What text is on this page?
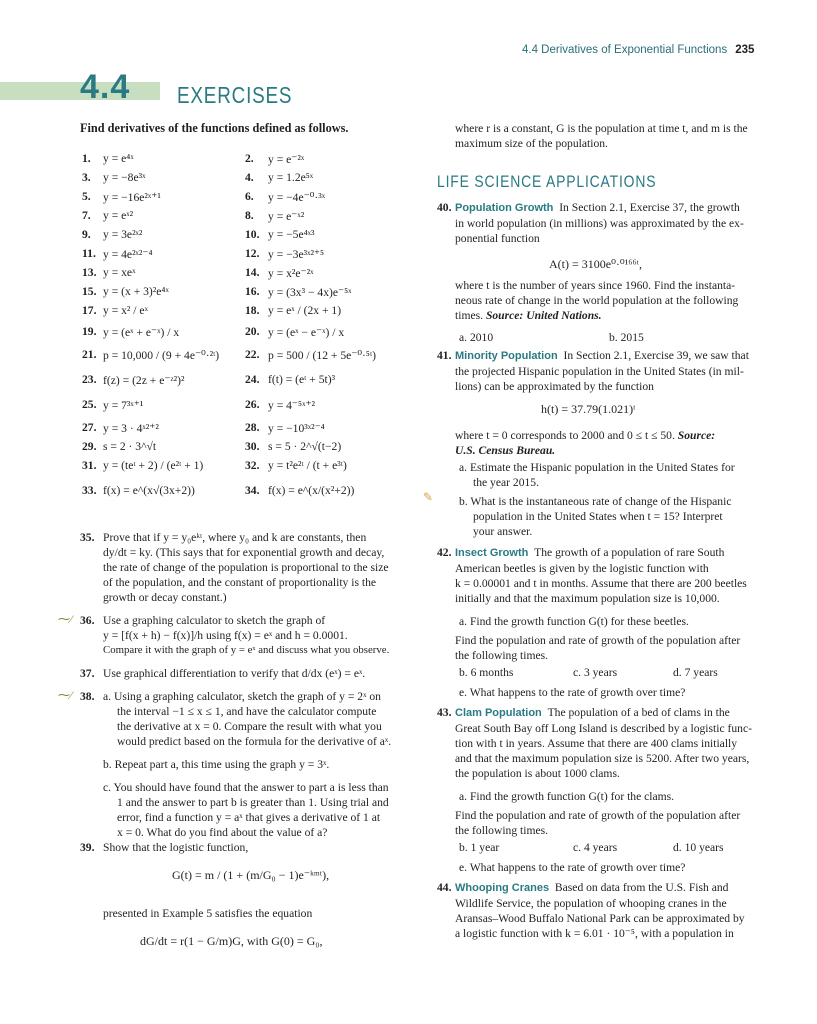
4.4 Derivatives of Exponential Functions 235
4.4 EXERCISES
Find derivatives of the functions defined as follows.
1. y = e⁴ˣ	2. y = e⁻²ˣ
3. y = −8e³ˣ	4. y = 1.2e⁵ˣ
5. y = −16e²ˣ⁺¹	6. y = −4e⁻⁰·³ˣ
7. y = eˣ²	8. y = e⁻ˣ²
9. y = 3e²ˣ²	10. y = −5e⁴ˣ³
11. y = 4e²ˣ²⁻⁴	12. y = −3e³ˣ²⁺⁵
13. y = xeˣ	14. y = x²e⁻²ˣ
15. y = (x + 3)²e⁴ˣ	16. y = (3x³ − 4x)e⁻⁵ˣ
17. y = x² / eˣ	18. y = eˣ / (2x + 1)
19. y = (eˣ + e⁻ˣ) / x	20. y = (eˣ − e⁻ˣ) / x
21. p = 10,000 / (9 + 4e⁻⁰·²ᵗ) 22. p = 500 / (12 + 5e⁻⁰·⁵ᵗ)
23. f(z) = (2z + e⁻ᶻ²)²	24. f(t) = (eᵗ + 5t)³
25. y = 7³ˣ⁺¹	26. y = 4⁻⁵ˣ⁺²
27. y = 3 · 4ˣ²⁺²	28. y = −10³ˣ²⁻⁴
29. s = 2 · 3^√t	30. s = 5 · 2^√(t−2)
31. y = (teᵗ + 2) / (e²ᵗ + 1)	32. y = t²e²ᵗ / (t + e³ᵗ)
33. f(x) = e^(x√(3x+2))	34. f(x) = e^(x/(x²+2))
35. Prove that if y = y₀eᵏᵗ, where y₀ and k are constants, then
dy/dt = ky. (This says that for exponential growth and decay,
the rate of change of the population is proportional to the size
of the population, and the constant of proportionality is the
growth or decay constant.)
⁓⁄ 36. Use a graphing calculator to sketch the graph of
y = [f(x + h) − f(x)]/h using f(x) = eˣ and h = 0.0001.
Compare it with the graph of y = eˣ and discuss what you observe.
37. Use graphical differentiation to verify that d/dx (eˣ) = eˣ.
⁓⁄ 38. a. Using a graphing calculator, sketch the graph of y = 2ˣ on
the interval −1 ≤ x ≤ 1, and have the calculator compute
the derivative at x = 0. Compare the result with what you
would predict based on the formula for the derivative of aˣ.
b. Repeat part a, this time using the graph y = 3ˣ.
c. You should have found that the answer to part a is less than
1 and the answer to part b is greater than 1. Using trial and
error, find a function y = aˣ that gives a derivative of 1 at
x = 0. What do you find about the value of a?
39. Show that the logistic function,
G(t) = m / (1 + (m/G₀ − 1)e⁻ᵏᵐᵗ),
presented in Example 5 satisfies the equation
dG/dt = r(1 − G/m)G, with G(0) = G₀,
where r is a constant, G is the population at time t, and m is the
maximum size of the population.
LIFE SCIENCE APPLICATIONS
40. Population Growth In Section 2.1, Exercise 37, the growth
in world population (in millions) was approximated by the ex-
ponential function
A(t) = 3100e⁰·⁰¹⁶⁶ᵗ,
where t is the number of years since 1960. Find the instanta-
neous rate of change in the world population at the following
times. Source: United Nations.
a. 2010	b. 2015
41. Minority Population In Section 2.1, Exercise 39, we saw that
the projected Hispanic population in the United States (in mil-
lions) can be approximated by the function
h(t) = 37.79(1.021)ᵗ
where t = 0 corresponds to 2000 and 0 ≤ t ≤ 50. Source:
U.S. Census Bureau.
a. Estimate the Hispanic population in the United States for
the year 2015.
✎ b. What is the instantaneous rate of change of the Hispanic
population in the United States when t = 15? Interpret
your answer.
42. Insect Growth The growth of a population of rare South
American beetles is given by the logistic function with
k = 0.00001 and t in months. Assume that there are 200 beetles
initially and that the maximum population size is 10,000.
a. Find the growth function G(t) for these beetles.
Find the population and rate of growth of the population after
the following times.
b. 6 months	c. 3 years	d. 7 years
e. What happens to the rate of growth over time?
43. Clam Population The population of a bed of clams in the
Great South Bay off Long Island is described by a logistic func-
tion with t in years. Assume that there are 400 clams initially
and that the maximum population size is 5200. After two years,
the population is about 1000 clams.
a. Find the growth function G(t) for the clams.
Find the population and rate of growth of the population after
the following times.
b. 1 year	c. 4 years	d. 10 years
e. What happens to the rate of growth over time?
44. Whooping Cranes Based on data from the U.S. Fish and
Wildlife Service, the population of whooping cranes in the
Aransas–Wood Buffalo National Park can be approximated by
a logistic function with k = 6.01 · 10⁻⁵, with a population in
